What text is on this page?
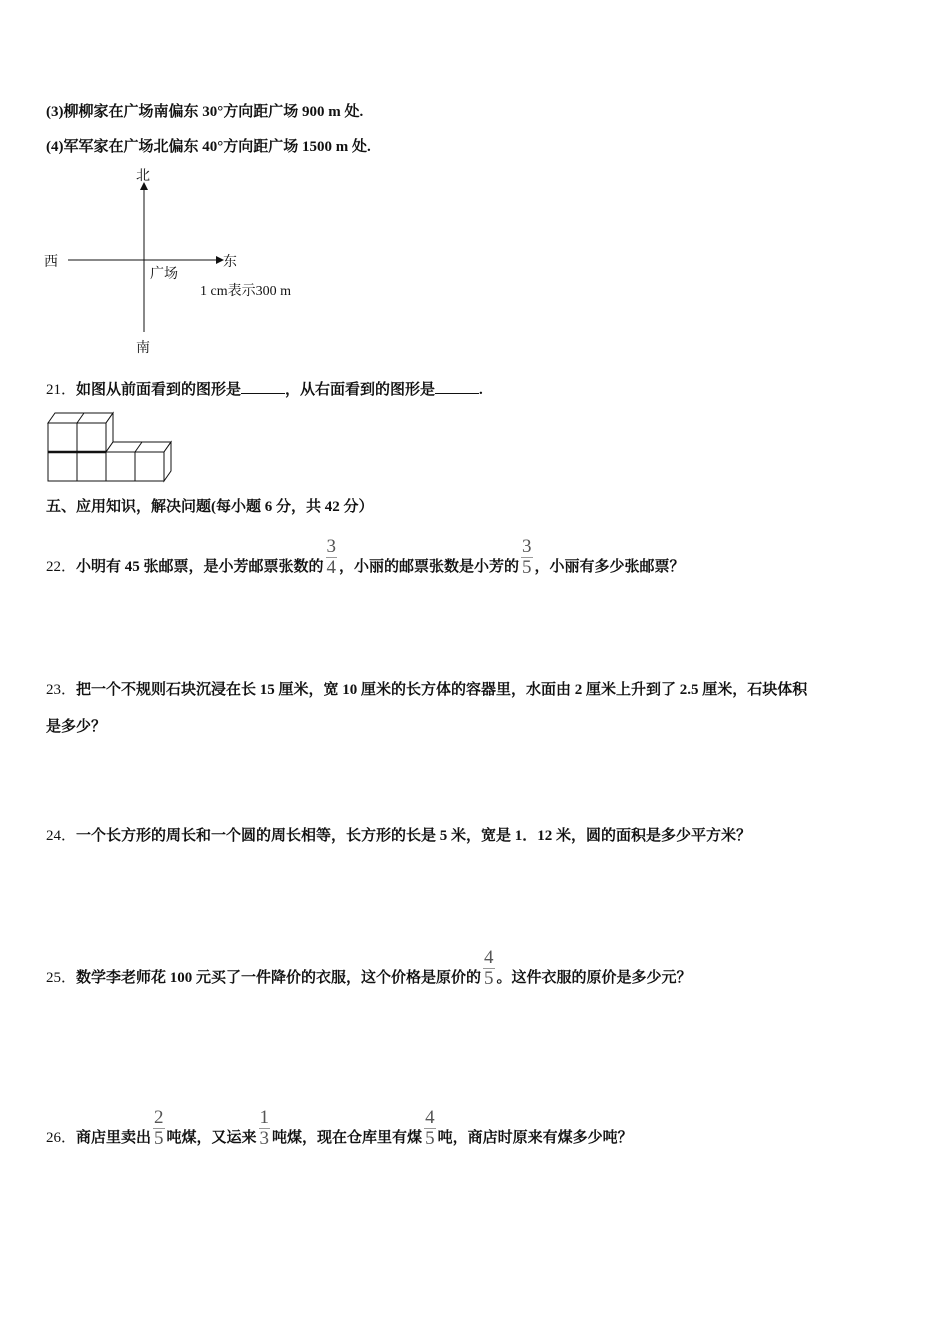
(3)柳柳家在广场南偏东 30°方向距广场 900 m 处.
(4)军军家在广场北偏东 40°方向距广场 1500 m 处.
北
南
西	东
广场
1 cm表示300 m
21．如图从前面看到的图形是	，从右面看到的图形是	.
五、应用知识，解决问题(每小题 6 分，共 42 分）
22．小明有 45 张邮票，是小芳邮票张数的 $\frac{3}{4}$ ，小丽的邮票张数是小芳的 $\frac{3}{5}$ ，小丽有多少张邮票？
23．把一个不规则石块沉浸在长 15 厘米，宽 10 厘米的长方体的容器里，水面由 2 厘米上升到了 2.5 厘米，石块体积
是多少？
24．一个长方形的周长和一个圆的周长相等，长方形的长是 5 米，宽是 1．12 米，圆的面积是多少平方米？
25．数学李老师花 100 元买了一件降价的衣服，这个价格是原价的 $\frac{4}{5}$ 。这件衣服的原价是多少元？
26．商店里卖出 $\frac{2}{5}$ 吨煤，又运来 $\frac{1}{3}$ 吨煤，现在仓库里有煤 $\frac{4}{5}$ 吨，商店时原来有煤多少吨？
